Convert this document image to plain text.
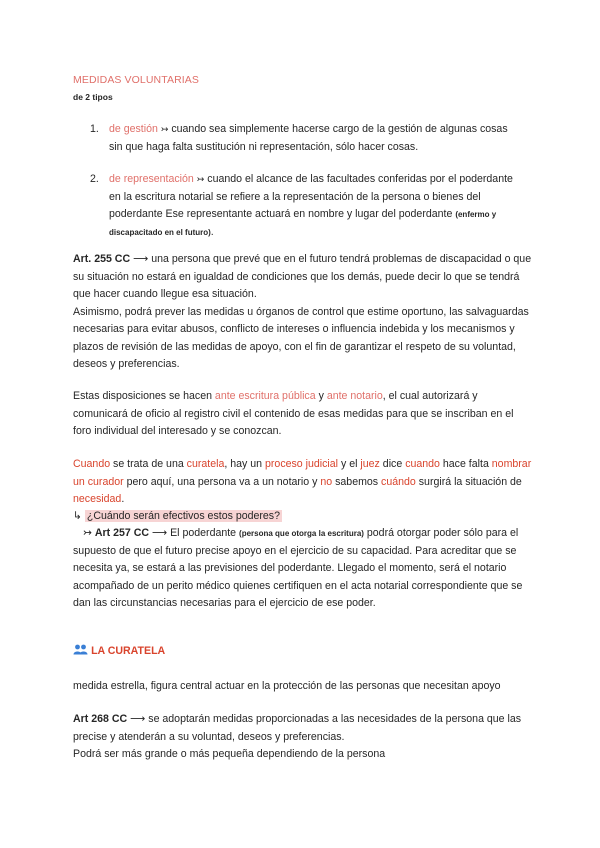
MEDIDAS VOLUNTARIAS
de 2 tipos
1. de gestión ↣ cuando sea simplemente hacerse cargo de la gestión de algunas cosas sin que haga falta sustitución ni representación, sólo hacer cosas.
2. de representación ↣ cuando el alcance de las facultades conferidas por el poderdante en la escritura notarial se refiere a la representación de la persona o bienes del poderdante Ese representante actuará en nombre y lugar del poderdante (enfermo y discapacitado en el futuro).
Art. 255 CC ⟶ una persona que prevé que en el futuro tendrá problemas de discapacidad o que su situación no estará en igualdad de condiciones que los demás, puede decir lo que se tendrá que hacer cuando llegue esa situación.
Asimismo, podrá prever las medidas u órganos de control que estime oportuno, las salvaguardas necesarias para evitar abusos, conflicto de intereses o influencia indebida y los mecanismos y plazos de revisión de las medidas de apoyo, con el fin de garantizar el respeto de su voluntad, deseos y preferencias.
Estas disposiciones se hacen ante escritura pública y ante notario, el cual autorizará y comunicará de oficio al registro civil el contenido de esas medidas para que se inscriban en el foro individual del interesado y se conozcan.
Cuando se trata de una curatela, hay un proceso judicial y el juez dice cuando hace falta nombrar un curador pero aquí, una persona va a un notario y no sabemos cuándo surgirá la situación de necesidad.
↳ ¿Cuándo serán efectivos estos poderes?
↣ Art 257 CC ⟶ El poderdante (persona que otorga la escritura) podrá otorgar poder sólo para el supuesto de que el futuro precise apoyo en el ejercicio de su capacidad. Para acreditar que se necesita ya, se estará a las previsiones del poderdante. Llegado el momento, será el notario acompañado de un perito médico quienes certifiquen en el acta notarial correspondiente que se dan las circunstancias necesarias para el ejercicio de ese poder.
LA CURATELA
medida estrella, figura central actuar en la protección de las personas que necesitan apoyo
Art 268 CC ⟶ se adoptarán medidas proporcionadas a las necesidades de la persona que las precise y atenderán a su voluntad, deseos y preferencias.
Podrá ser más grande o más pequeña dependiendo de la persona
